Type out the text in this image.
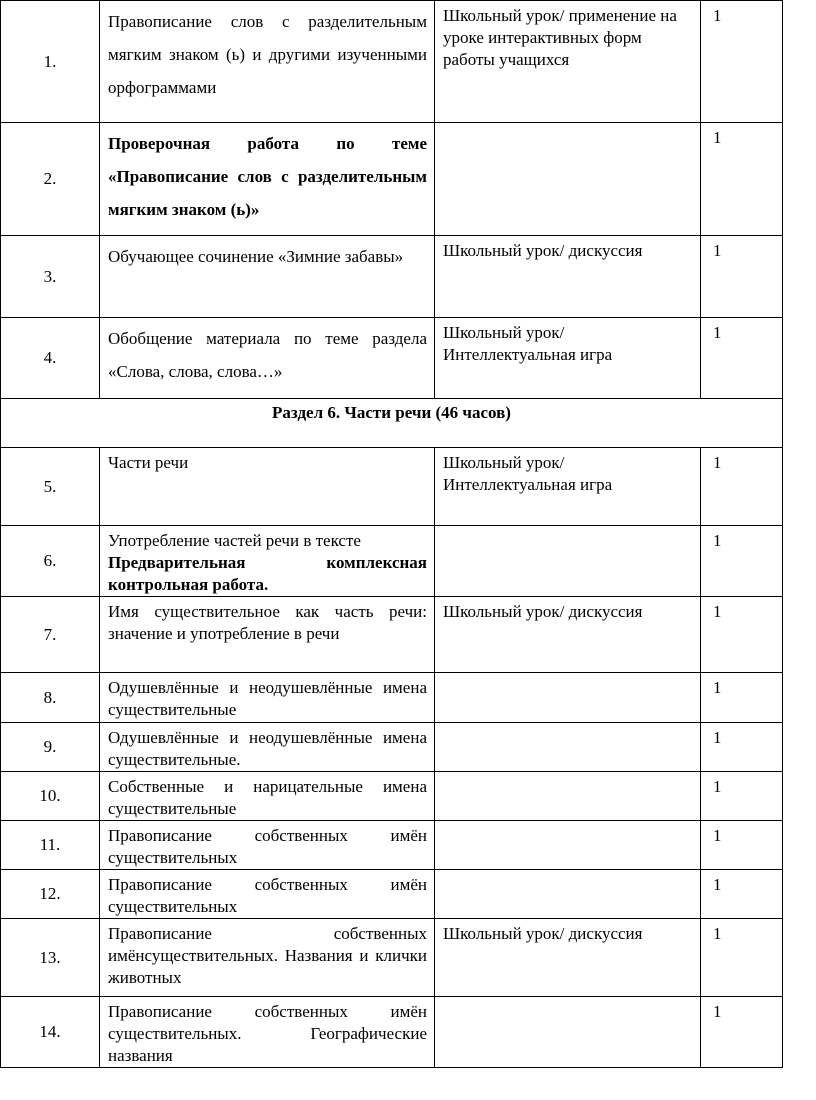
1.	Правописание слов с разделительным мягким знаком (ь) и другими изученными орфограммами	Школьный урок/ применение на уроке интерактивных форм работы учащихся	1

2.	Проверочная работа по теме «Правописание слов с разделительным мягким знаком (ь)»		1

3.	Обучающее сочинение «Зимние забавы»	Школьный урок/ дискуссия	1

4.	Обобщение материала по теме раздела «Слова, слова, слова…»	Школьный урок/ Интеллектуальная игра	1

Раздел 6. Части речи (46 часов)			
5.	Части речи	Школьный урок/ Интеллектуальная игра	1

6.	Употребление частей речи в тексте
Предварительная комплексная контрольная работа.		1

7.	Имя существительное как часть речи: значение и употребление в речи	Школьный урок/ дискуссия	1

8.	Одушевлённые и неодушевлённые имена существительные		1

9.	Одушевлённые и неодушевлённые имена существительные.		1

10.	Собственные и нарицательные имена существительные		1

11.	Правописание собственных имён существительных		1

12.	Правописание собственных имён существительных		1

13.	Правописание собственных имёнсуществительных. Названия и клички животных	Школьный урок/ дискуссия	1

14.	Правописание собственных имён существительных. Географические названия		1
